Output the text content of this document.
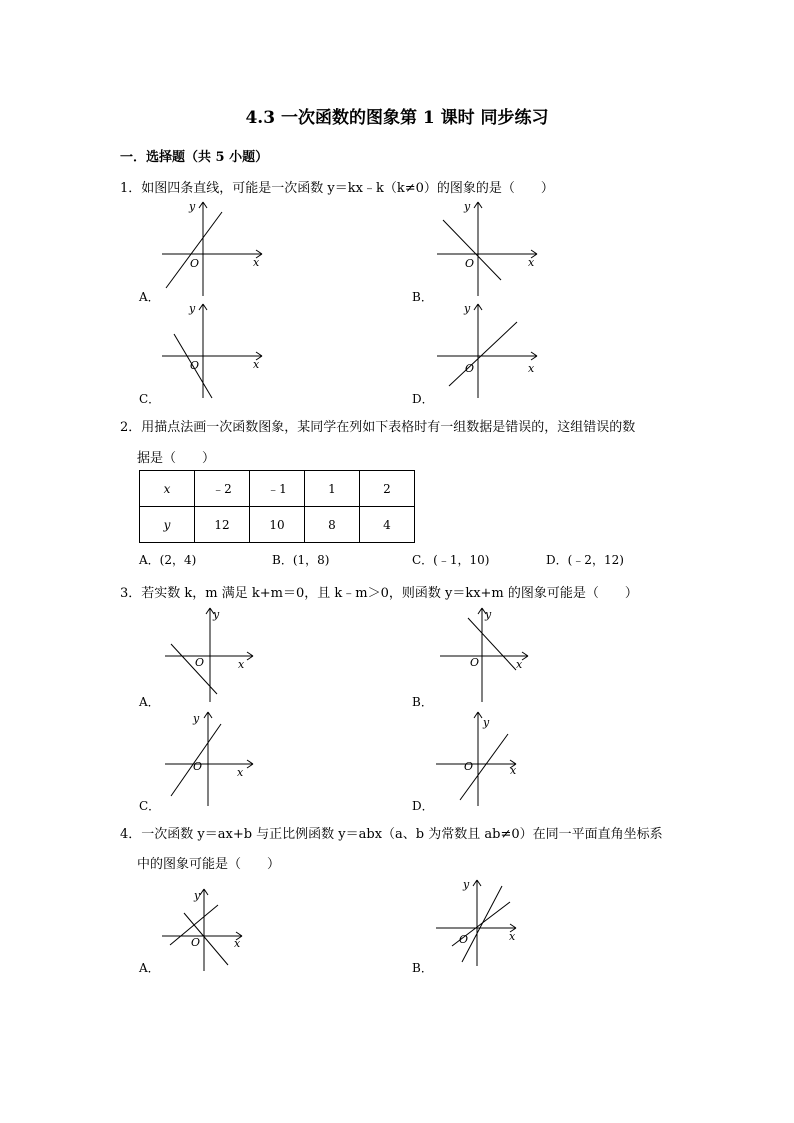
4.3 一次函数的图象第 1 课时 同步练习
一．选择题（共 5 小题）
1．如图四条直线，可能是一次函数 y＝kx﹣k（k≠0）的图象的是（　　）
x
y
O
A．
x
y
O
B．
x
y
O
C．
x
y
O
D．
2．用描点法画一次函数图象，某同学在列如下表格时有一组数据是错误的，这组错误的数
据是（　　）
x	﹣2	﹣1	1	2
y	12	10	8	4
A．(2，4)	B．(1，8)	C．(﹣1，10)	D．(﹣2，12)
3．若实数 k，m 满足 k+m＝0，且 k﹣m＞0，则函数 y＝kx+m 的图象可能是（　　）
x
y
O
A．
x
y
O
B．
x
y
O
C．
x
y
O
D．
4．一次函数 y＝ax+b 与正比例函数 y＝abx（a、b 为常数且 ab≠0）在同一平面直角坐标系
中的图象可能是（　　）
x
y
O
A．
x
y
O
B．
